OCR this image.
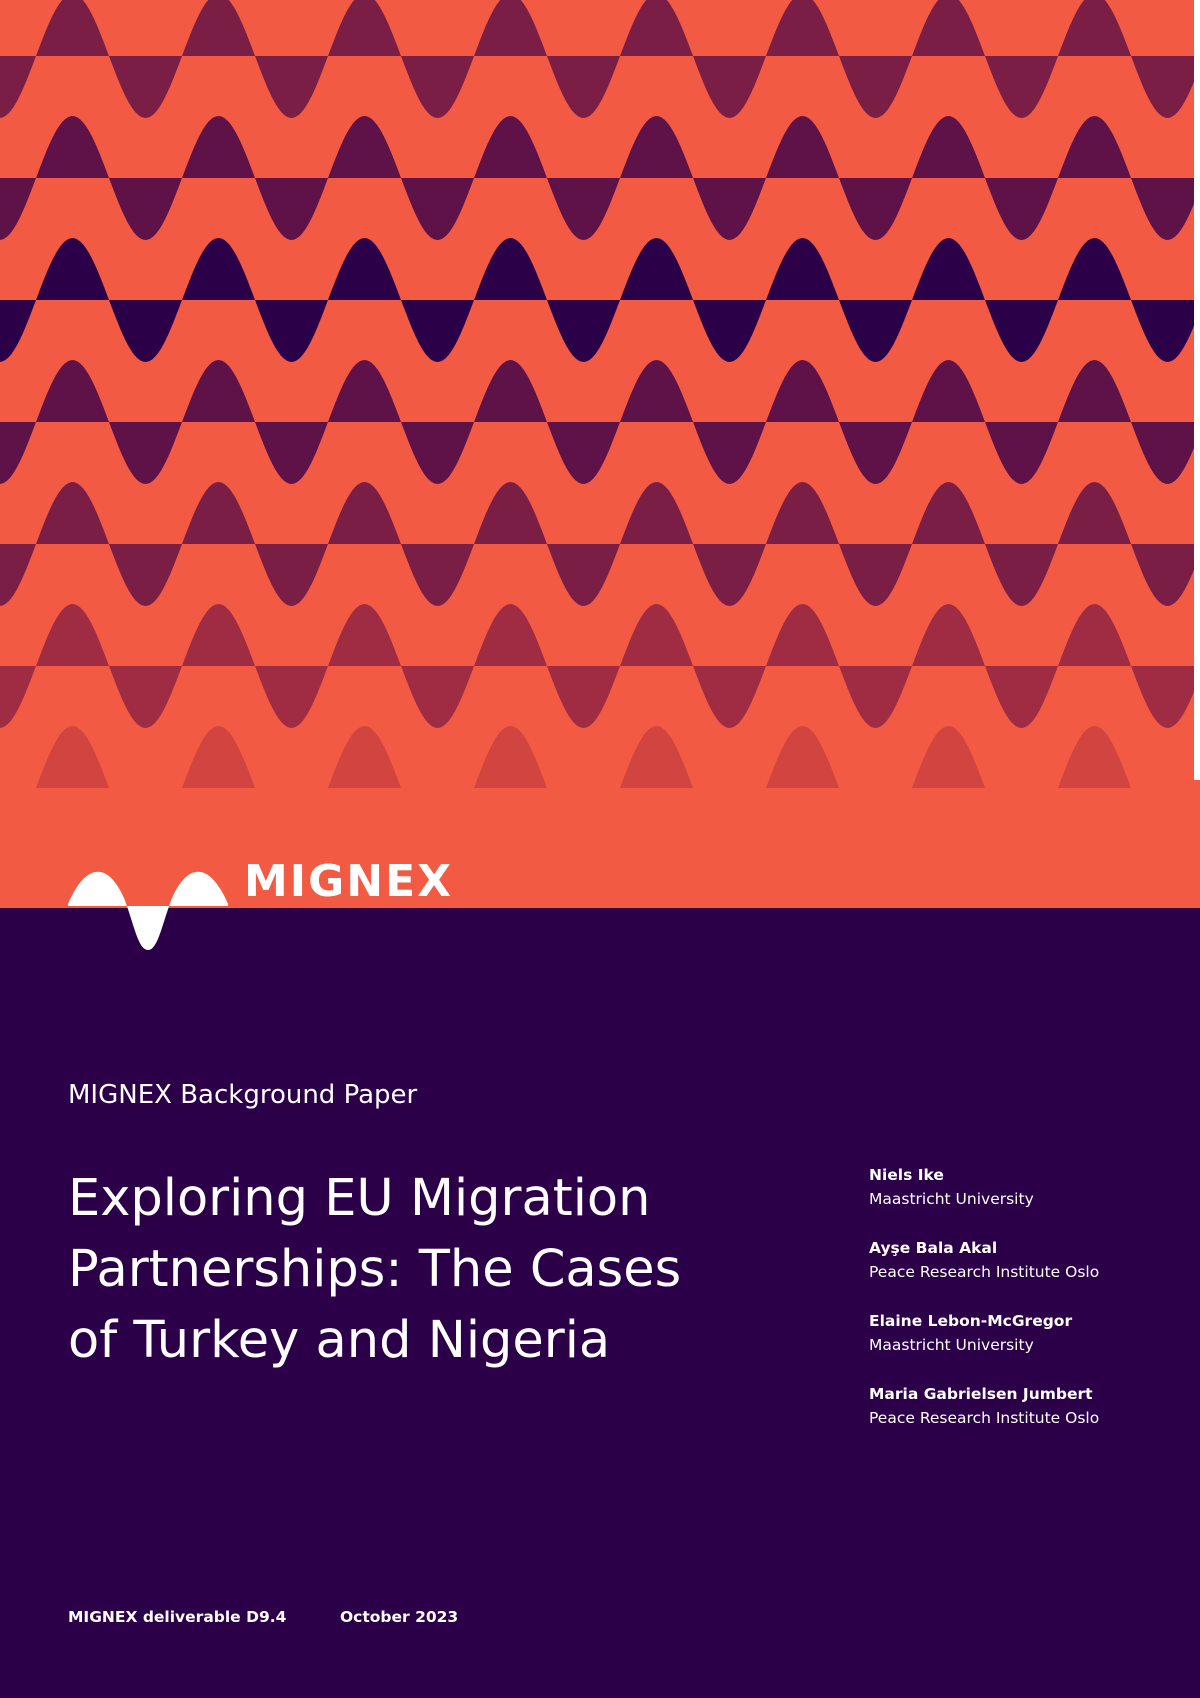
MIGNEX
MIGNEX Background Paper
Exploring EU Migration
Partnerships: The Cases
of Turkey and Nigeria
Niels Ike
Maastricht University
Ayşe Bala Akal
Peace Research Institute Oslo
Elaine Lebon-McGregor
Maastricht University
Maria Gabrielsen Jumbert
Peace Research Institute Oslo
MIGNEX deliverable D9.4	October 2023
